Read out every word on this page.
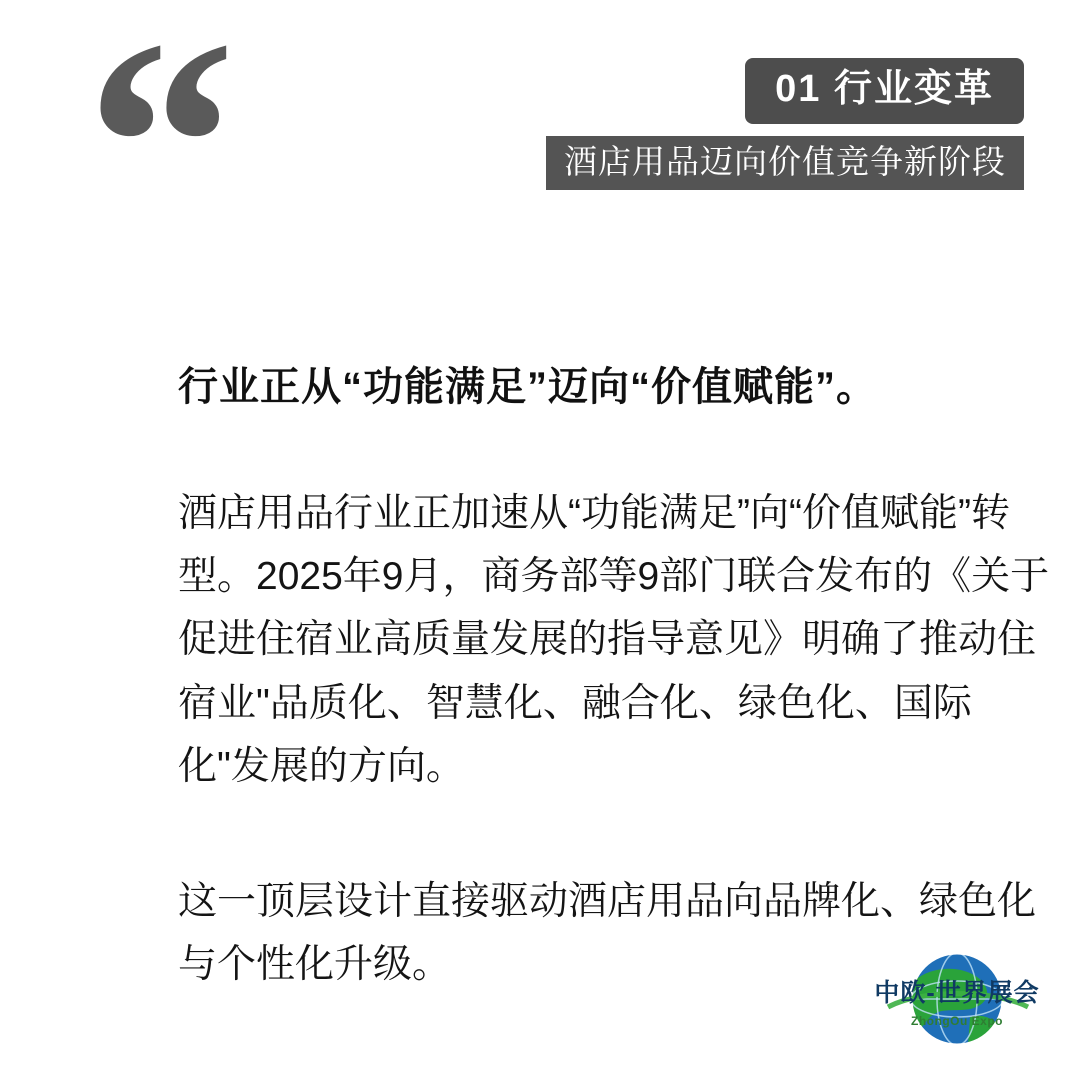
“	01 行业变革
酒店用品迈向价值竞争新阶段

行业正从“功能满足”迈向“价值赋能”。

酒店用品行业正加速从“功能满足”向“价值赋能”转型。2025年9月，商务部等9部门联合发布的《关于促进住宿业高质量发展的指导意见》明确了推动住宿业"品质化、智慧化、融合化、绿色化、国际化"发展的方向。

这一顶层设计直接驱动酒店用品向品牌化、绿色化与个性化升级。

中欧-世界展会
ZhongOu Expo
